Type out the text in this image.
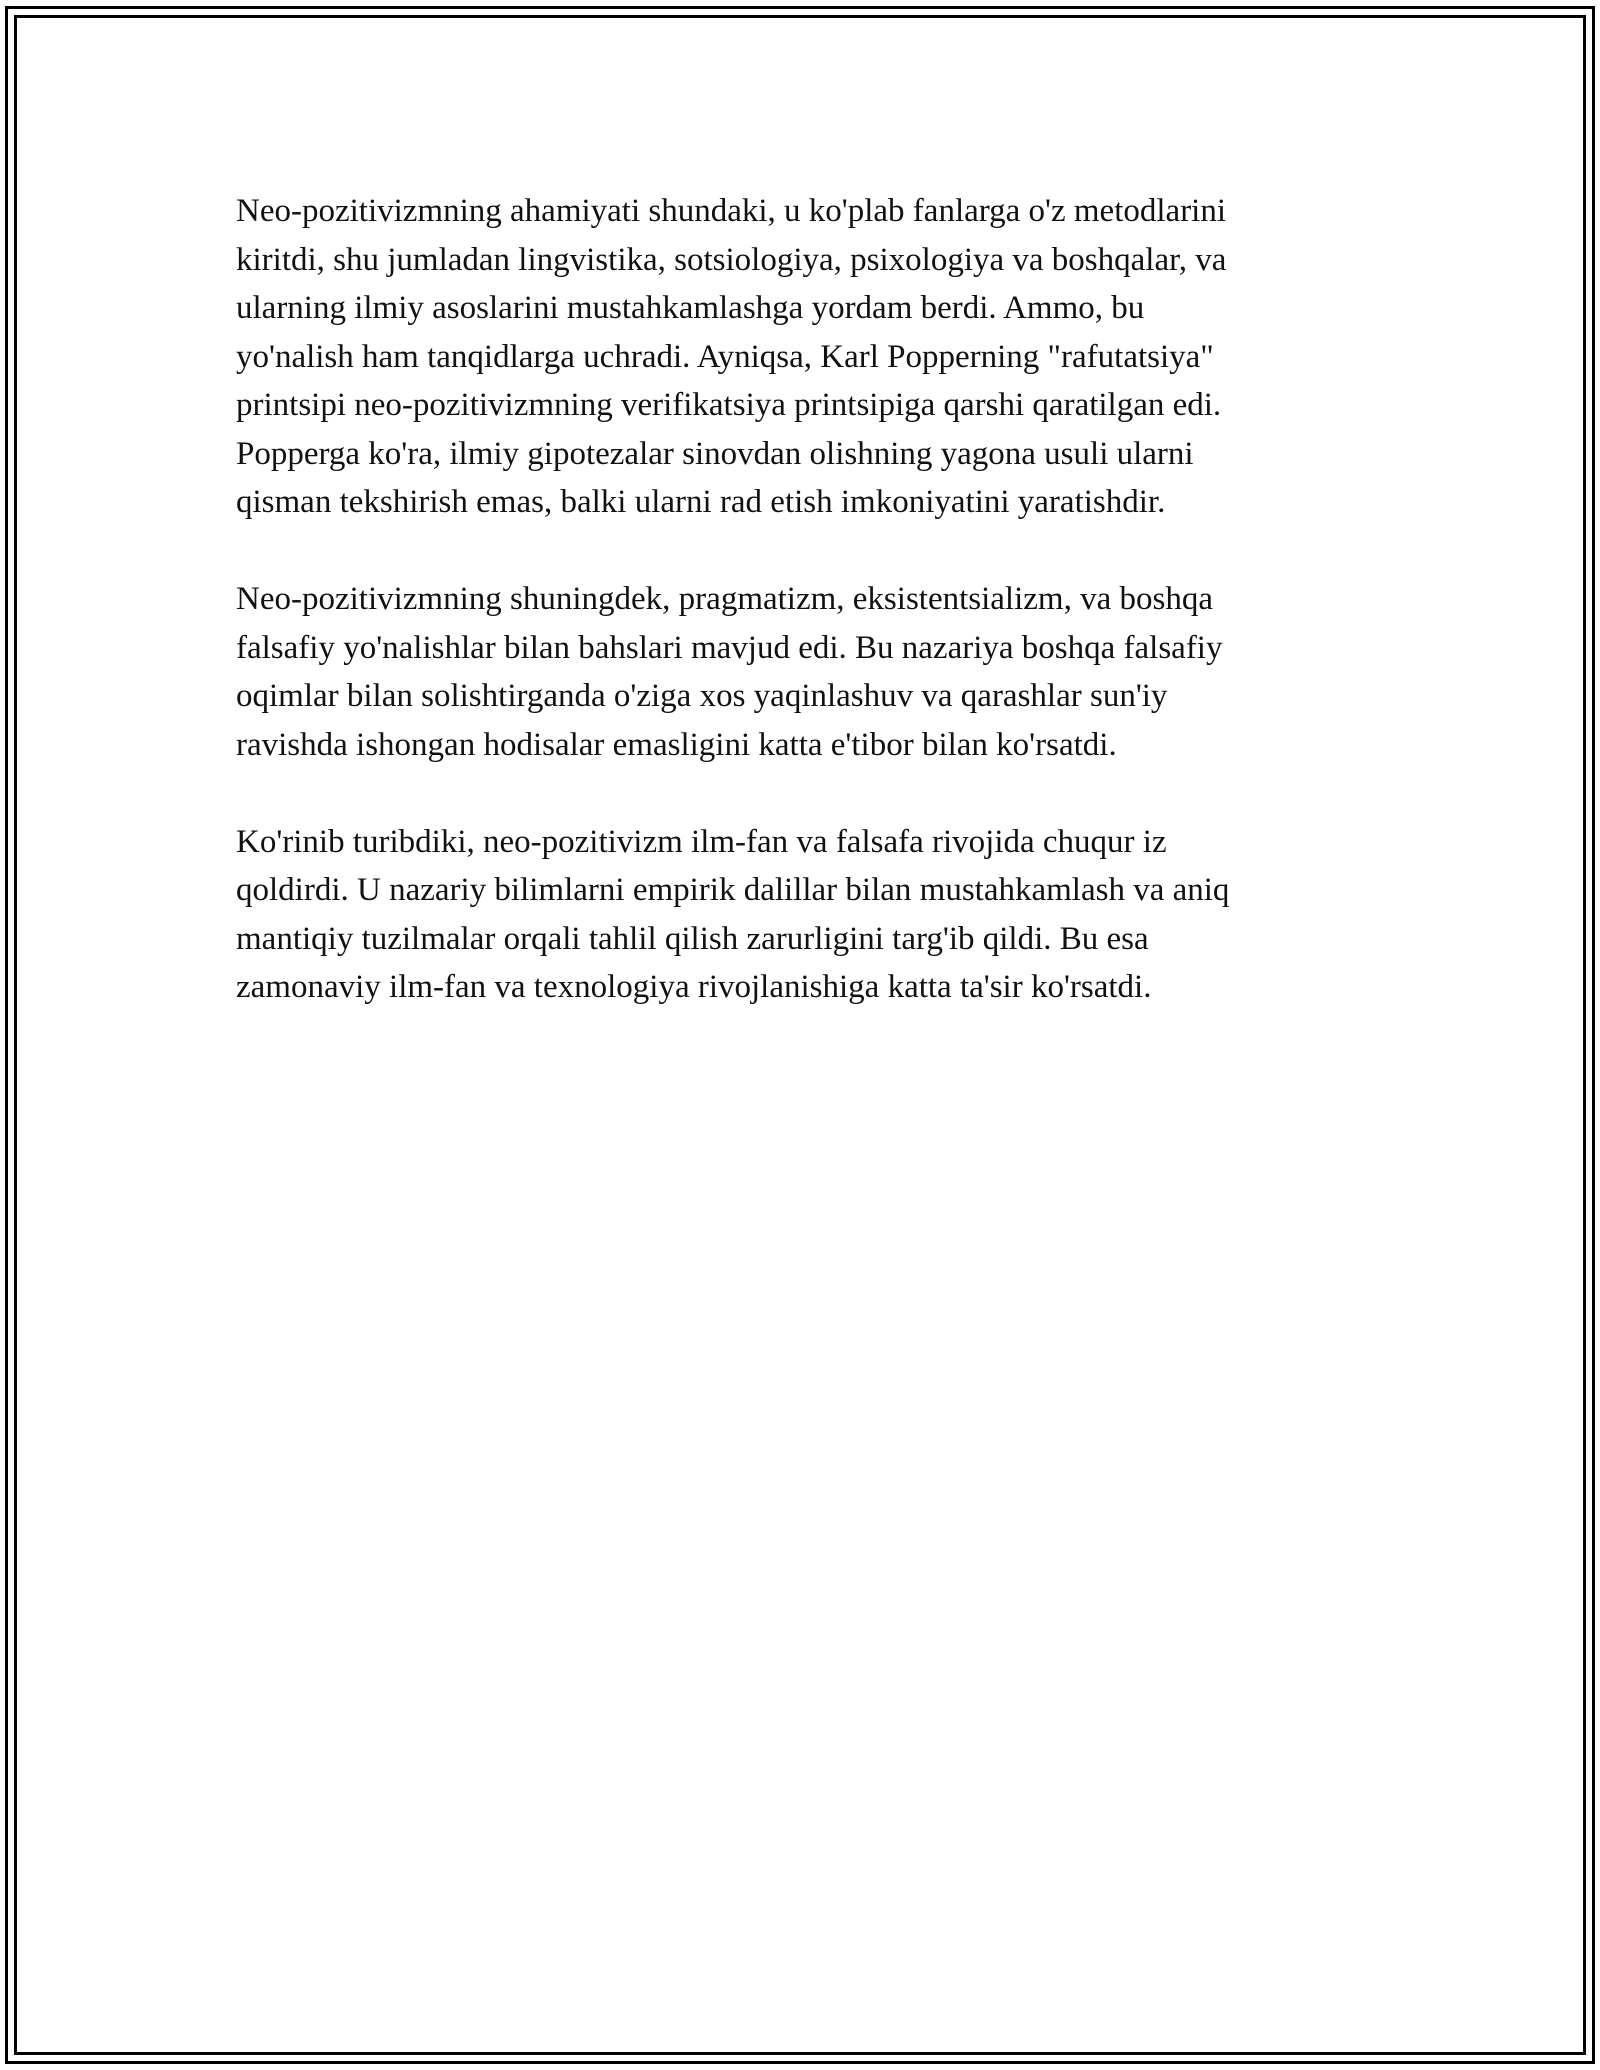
Neo-pozitivizmning ahamiyati shundaki, u ko'plab fanlarga o'z metodlarini
kiritdi, shu jumladan lingvistika, sotsiologiya, psixologiya va boshqalar, va
ularning ilmiy asoslarini mustahkamlashga yordam berdi. Ammo, bu
yo'nalish ham tanqidlarga uchradi. Ayniqsa, Karl Popperning "rafutatsiya"
printsipi neo-pozitivizmning verifikatsiya printsipiga qarshi qaratilgan edi.
Popperga ko'ra, ilmiy gipotezalar sinovdan olishning yagona usuli ularni
qisman tekshirish emas, balki ularni rad etish imkoniyatini yaratishdir.

Neo-pozitivizmning shuningdek, pragmatizm, eksistentsializm, va boshqa
falsafiy yo'nalishlar bilan bahslari mavjud edi. Bu nazariya boshqa falsafiy
oqimlar bilan solishtirganda o'ziga xos yaqinlashuv va qarashlar sun'iy
ravishda ishongan hodisalar emasligini katta e'tibor bilan ko'rsatdi.

Ko'rinib turibdiki, neo-pozitivizm ilm-fan va falsafa rivojida chuqur iz
qoldirdi. U nazariy bilimlarni empirik dalillar bilan mustahkamlash va aniq
mantiqiy tuzilmalar orqali tahlil qilish zarurligini targ'ib qildi. Bu esa
zamonaviy ilm-fan va texnologiya rivojlanishiga katta ta'sir ko'rsatdi.
